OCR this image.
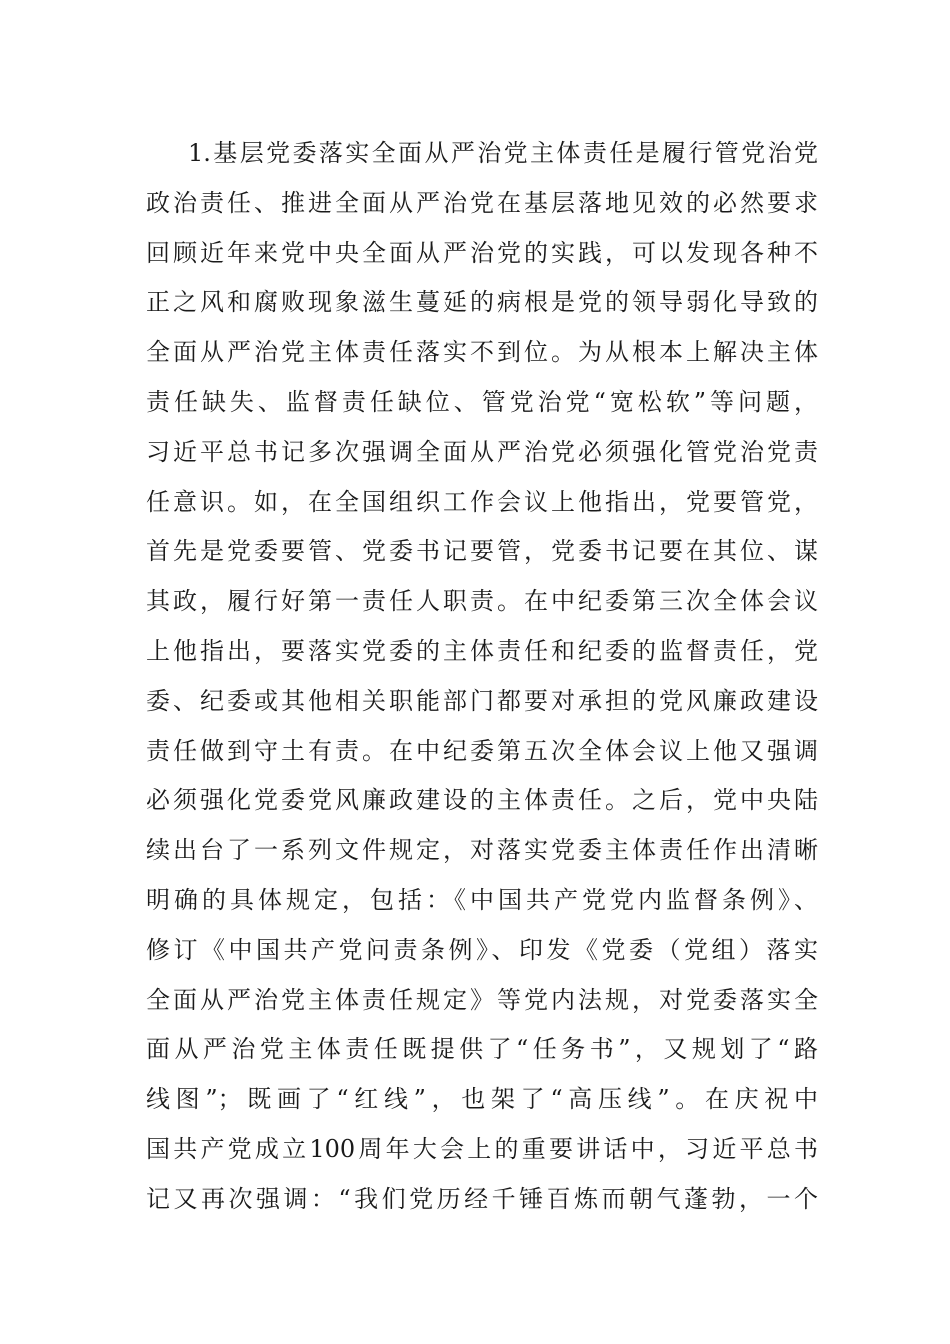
1.基层党委落实全面从严治党主体责任是履行管党治党
政治责任、推进全面从严治党在基层落地见效的必然要求
回顾近年来党中央全面从严治党的实践，可以发现各种不
正之风和腐败现象滋生蔓延的病根是党的领导弱化导致的
全面从严治党主体责任落实不到位。为从根本上解决主体
责任缺失、监督责任缺位、管党治党“宽松软”等问题，
习近平总书记多次强调全面从严治党必须强化管党治党责
任意识。如，在全国组织工作会议上他指出，党要管党，
首先是党委要管、党委书记要管，党委书记要在其位、谋
其政，履行好第一责任人职责。在中纪委第三次全体会议
上他指出，要落实党委的主体责任和纪委的监督责任，党
委、纪委或其他相关职能部门都要对承担的党风廉政建设
责任做到守土有责。在中纪委第五次全体会议上他又强调
必须强化党委党风廉政建设的主体责任。之后，党中央陆
续出台了一系列文件规定，对落实党委主体责任作出清晰
明确的具体规定，包括：《中国共产党党内监督条例》、
修订《中国共产党问责条例》、印发《党委（党组）落实
全面从严治党主体责任规定》等党内法规，对党委落实全
面从严治党主体责任既提供了“任务书”，又规划了“路
线图”；既画了“红线”，也架了“高压线”。在庆祝中
国共产党成立100周年大会上的重要讲话中，习近平总书
记又再次强调：“我们党历经千锤百炼而朝气蓬勃，一个
